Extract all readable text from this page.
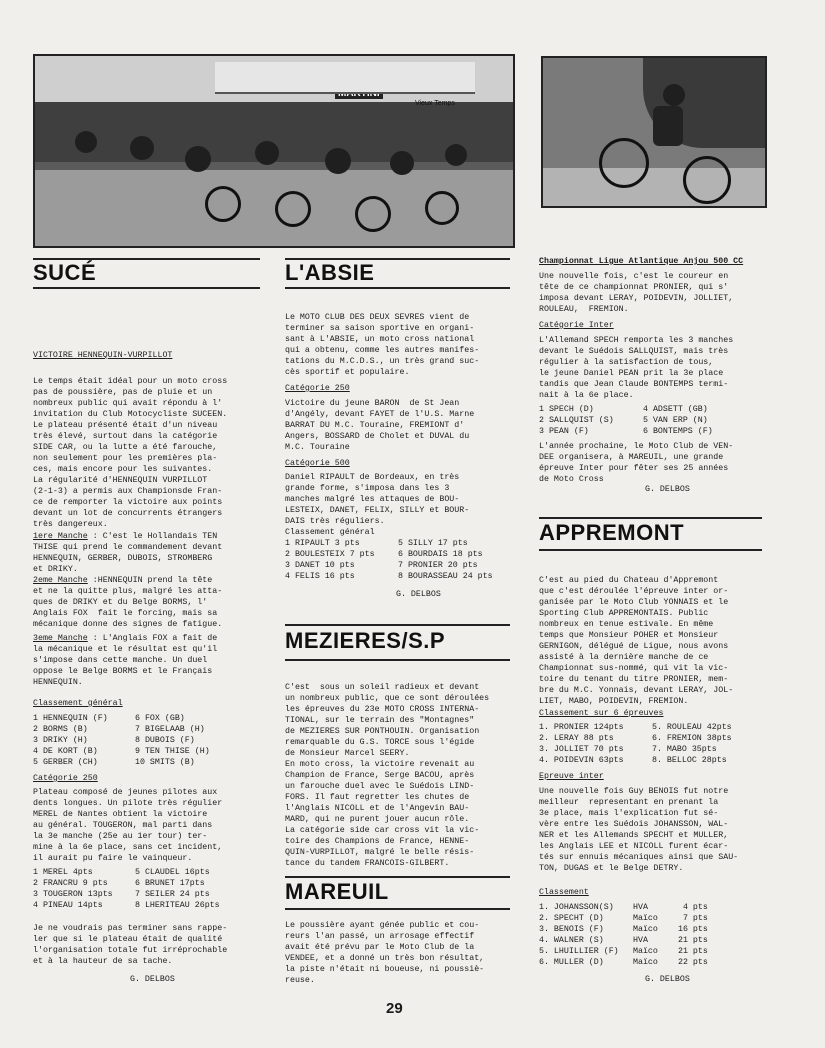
Vieux Temps
SUCÉ
VICTOIRE HENNEQUIN-VURPILLOT
Le temps était idéal pour un moto cross
pas de poussière, pas de pluie et un
nombreux public qui avait répondu à l'
invitation du Club Motocycliste SUCEEN.
Le plateau présenté était d'un niveau
très élevé, surtout dans la catégorie
SIDE CAR, ou la lutte a été farouche,
non seulement pour les premières pla-
ces, mais encore pour les suivantes.
La régularité d'HENNEQUIN VURPILLOT
(2-1-3) a permis aux Championsde Fran-
ce de remporter la victoire aux points
devant un lot de concurrents étrangers
très dangereux.
1ere Manche : C'est le Hollandais TEN
THISE qui prend le commandement devant
HENNEQUIN, GERBER, DUBOIS, STROMBERG
et DRIKY.
2eme Manche :HENNEQUIN prend la tête
et ne la quitte plus, malgré les atta-
ques de DRIKY et du Belge BORMS, l'
Anglais FOX  fait le forcing, mais sa
mécanique donne des signes de fatigue.
3eme Manche : L'Anglais FOX a fait de
la mécanique et le résultat est qu'il
s'impose dans cette manche. Un duel
oppose le Belge BORMS et le Français
HENNEQUIN.
Classement général
1 HENNEQUIN (F)
2 BORMS (B)
3 DRIKY (H)
4 DE KORT (B)
5 GERBER (CH)
6 FOX (GB)
7 BIGELAAB (H)
8 DUBOIS (F)
9 TEN THISE (H)
10 SMITS (B)
Catégorie 250
Plateau composé de jeunes pilotes aux
dents longues. Un pilote très régulier
MEREL de Nantes obtient la victoire
au général. TOUGERON, mal parti dans
la 3e manche (25e au 1er tour) ter-
mine à la 6e place, sans cet incident,
il aurait pu faire le vainqueur.
1 MEREL 4pts
2 FRANCRU 9 pts
3 TOUGERON 13pts
4 PINEAU 14pts
5 CLAUDEL 16pts
6 BRUNET 17pts
7 SEILER 24 pts
8 LHERITEAU 26pts
Je ne voudrais pas terminer sans rappe-
ler que si le plateau était de qualité
l'organisation totale fut irréprochable
et à la hauteur de sa tache.
G. DELBOS
L'ABSIE
Le MOTO CLUB DES DEUX SEVRES vient de
terminer sa saison sportive en organi-
sant à L'ABSIE, un moto cross national
qui a obtenu, comme les autres manifes-
tations du M.C.D.S., un très grand suc-
cès sportif et populaire.
Catégorie 250
Victoire du jeune BARON  de St Jean
d'Angély, devant FAYET de l'U.S. Marne
BARRAT DU M.C. Touraine, FREMIONT d'
Angers, BOSSARD de Cholet et DUVAL du
M.C. Touraine
Catégorie 500
Daniel RIPAULT de Bordeaux, en très
grande forme, s'imposa dans les 3
manches malgré les attaques de BOU-
LESTEIX, DANET, FELIX, SILLY et BOUR-
DAIS très réguliers.
Classement général
1 RIPAULT 3 pts
2 BOULESTEIX 7 pts
3 DANET 10 pts
4 FELIS 16 pts
5 SILLY 17 pts
6 BOURDAIS 18 pts
7 PRONIER 20 pts
8 BOURASSEAU 24 pts
G. DELBOS
MEZIERES/S.P
C'est  sous un soleil radieux et devant
un nombreux public, que ce sont déroulées
les épreuves du 23e MOTO CROSS INTERNA-
TIONAL, sur le terrain des "Montagnes"
de MEZIERES SUR PONTHOUIN. Organisation
remarquable du G.S. TORCE sous l'égide
de Monsieur Marcel SEERY.
En moto cross, la victoire revenait au
Champion de France, Serge BACOU, après
un farouche duel avec le Suédois LIND-
FORS. Il faut regretter les chutes de
l'Anglais NICOLL et de l'Angevin BAU-
MARD, qui ne purent jouer aucun rôle.
La catégorie side car cross vit la vic-
toire des Champions de France, HENNE-
QUIN-VURPILLOT, malgré le belle résis-
tance du tandem FRANCOIS-GILBERT.
MAREUIL
Le poussière ayant génée public et cou-
reurs l'an passé, un arrosage effectif
avait été prévu par le Moto Club de la
VENDEE, et a donné un très bon résultat,
la piste n'était ni boueuse, ni poussiè-
reuse.
Championnat Ligue Atlantique Anjou 500 CC
Une nouvelle fois, c'est le coureur en
tête de ce championnat PRONIER, qui s'
imposa devant LERAY, POIDEVIN, JOLLIET,
ROULEAU,  FREMION.
Catégorie Inter
L'Allemand SPECH remporta les 3 manches
devant le Suédois SALLQUIST, mais très
régulier à la satisfaction de tous,
le jeune Daniel PEAN prit la 3e place
tandis que Jean Claude BONTEMPS termi-
nait à la 6e place.
1 SPECH (D)
2 SALLQUIST (S)
3 PEAN (F)
4 ADSETT (GB)
5 VAN ERP (N)
6 BONTEMPS (F)
L'année prochaine, le Moto Club de VEN-
DEE organisera, à MAREUIL, une grande
épreuve Inter pour fêter ses 25 années
de Moto Cross
G. DELBOS
APPREMONT
C'est au pied du Chateau d'Appremont
que c'est déroulée l'épreuve inter or-
ganisée par le Moto Club YONNAIS et le
Sporting Club APPREMONTAIS. Public
nombreux en tenue estivale. En même
temps que Monsieur POHER et Monsieur
GERNIGON, délégué de Ligue, nous avons
assisté à la dernière manche de ce
Championnat sus-nommé, qui vit la vic-
toire du tenant du titre PRONIER, mem-
bre du M.C. Yonnais, devant LERAY, JOL-
LIET, MABO, POIDEVIN, FREMION.
Classement sur 6 épreuves
1. PRONIER 124pts
2. LERAY 88 pts
3. JOLLIET 70 pts
4. POIDEVIN 63pts
5. ROULEAU 42pts
6. FREMION 38pts
7. MABO 35pts
8. BELLOC 28pts
Epreuve inter
Une nouvelle fois Guy BENOIS fut notre
meilleur  representant en prenant la
3e place, mais l'explication fut sé-
vère entre les Suédois JOHANSSON, WAL-
NER et les Allemands SPECHT et MULLER,
les Anglais LEE et NICOLL furent écar-
tés sur ennuis mécaniques ainsi que SAU-
TON, DUGAS et le Belge DETRY.
Classement
1. JOHANSSON(S)
2. SPECHT (D)
3. BENOIS (F)
4. WALNER (S)
5. LHUILLIER (F)
6. MULLER (D)
HVA
Maïco
Maïco
HVA
Maïco
Maïco
4 pts
7 pts
16 pts
21 pts
21 pts
22 pts
G. DELBOS
29
